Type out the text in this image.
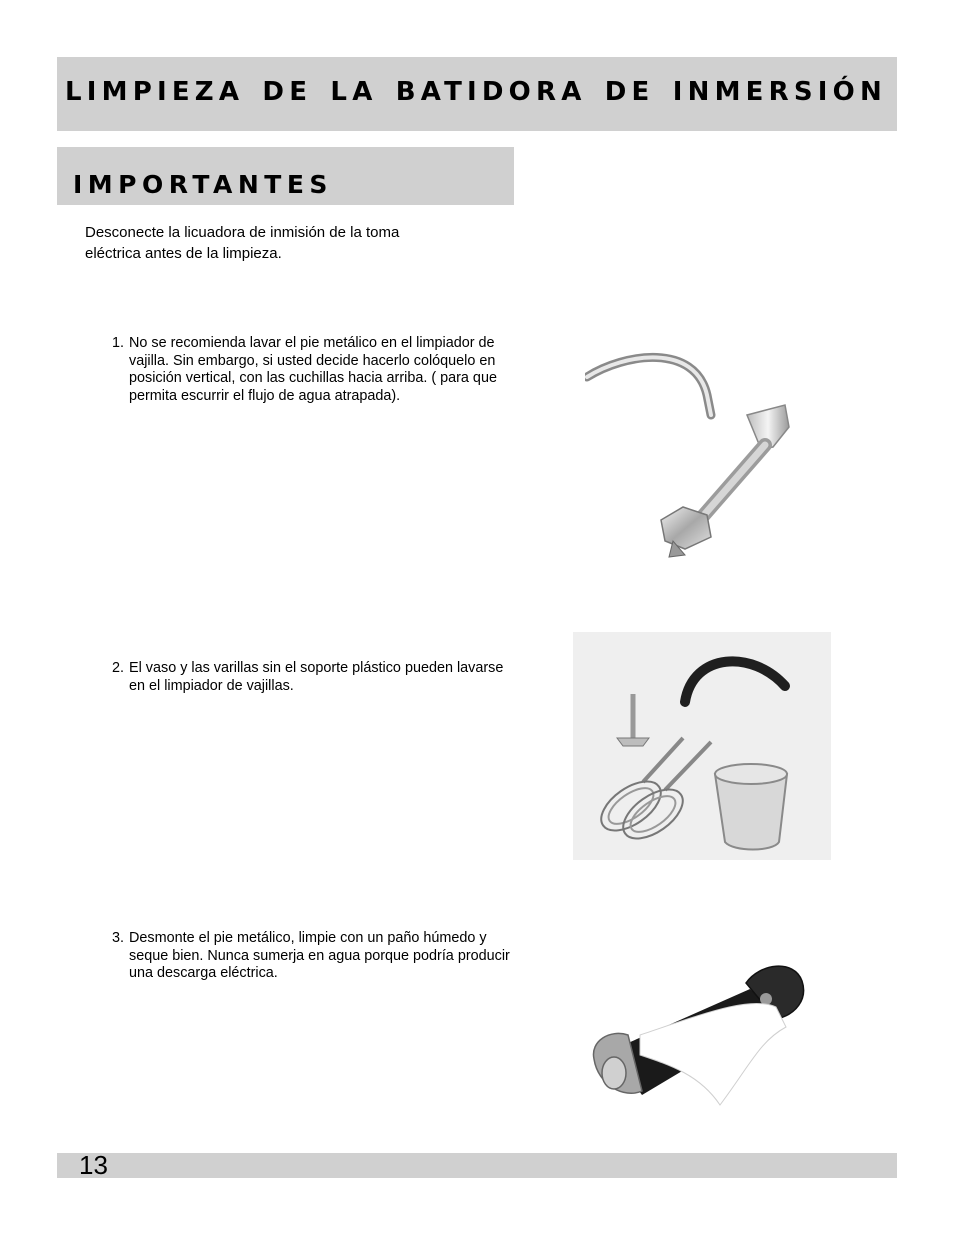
LIMPIEZA DE LA BATIDORA DE INMERSIÓN
IMPORTANTES

Desconecte la licuadora de inmisión de la toma eléctrica antes de la limpieza.

1. No se recomienda lavar el pie metálico en el limpiador de vajilla. Sin embargo, si usted decide hacerlo colóquelo en posición vertical, con las cuchillas hacia arriba. ( para que permita escurrir el flujo de agua atrapada).

2. El vaso y las varillas sin el soporte plástico pueden lavarse en el limpiador de vajillas.

3. Desmonte el pie metálico, limpie con un paño húmedo y seque bien. Nunca sumerja en agua porque podría producir una descarga eléctrica.

13
